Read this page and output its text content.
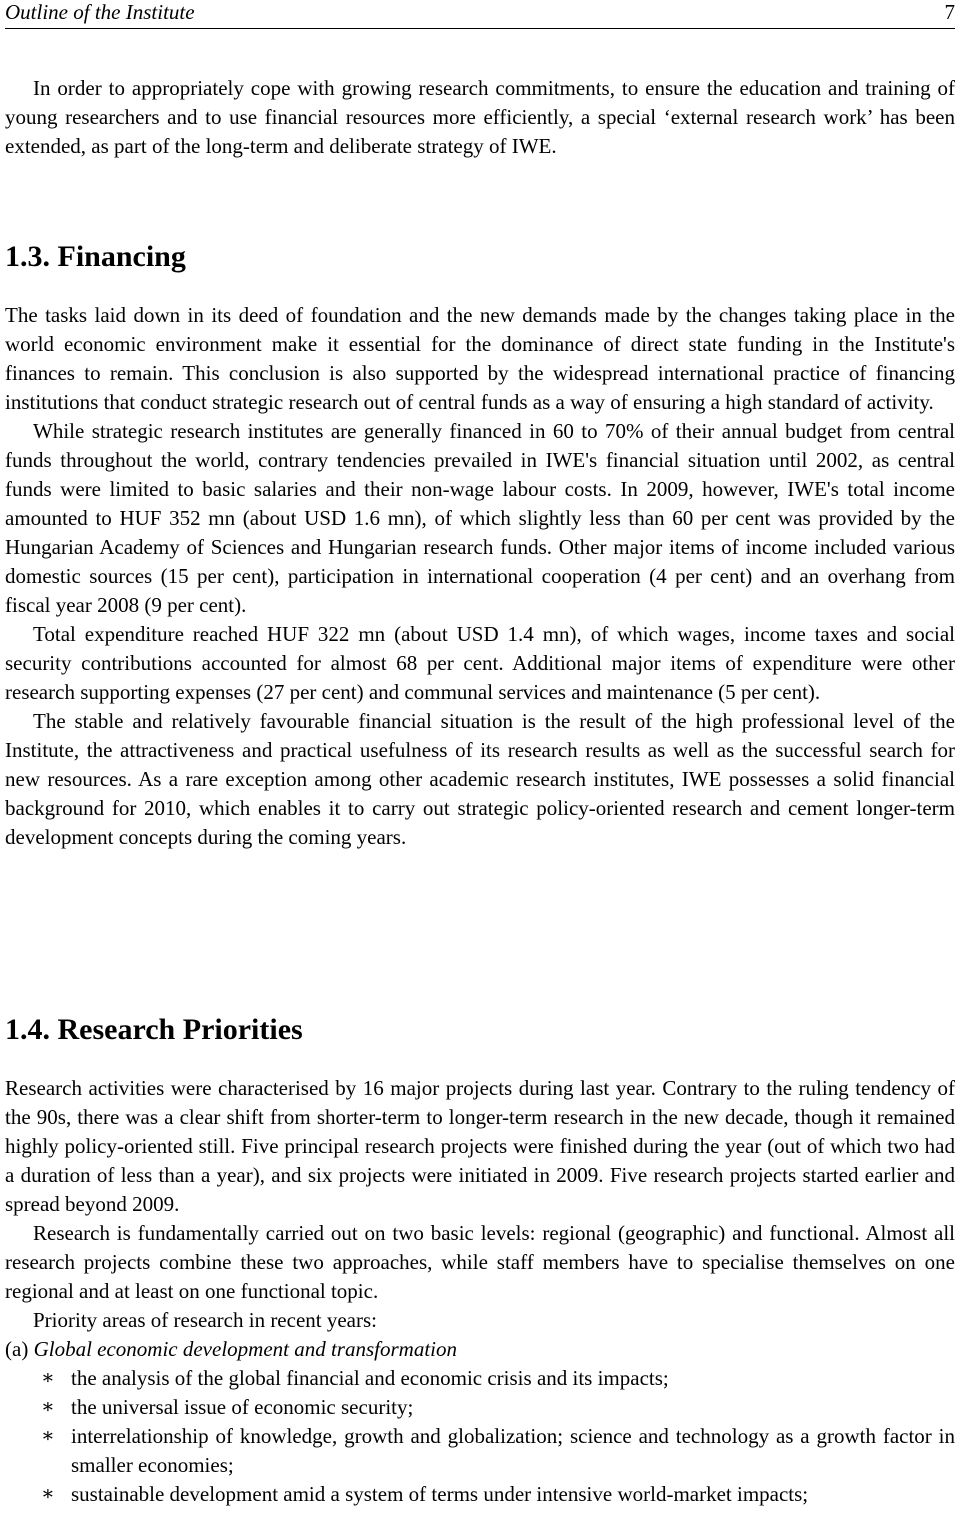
Outline of the Institute	7

In order to appropriately cope with growing research commitments, to ensure the education and training of young researchers and to use financial resources more efficiently, a special ‘external research work’ has been extended, as part of the long-term and deliberate strategy of IWE.

1.3. Financing

The tasks laid down in its deed of foundation and the new demands made by the changes taking place in the world economic environment make it essential for the dominance of direct state funding in the Institute's finances to remain. This conclusion is also supported by the widespread international practice of financing institutions that conduct strategic research out of central funds as a way of ensuring a high standard of activity.

While strategic research institutes are generally financed in 60 to 70% of their annual budget from central funds throughout the world, contrary tendencies prevailed in IWE's financial situation until 2002, as central funds were limited to basic salaries and their non-wage labour costs. In 2009, however, IWE's total income amounted to HUF 352 mn (about USD 1.6 mn), of which slightly less than 60 per cent was provided by the Hungarian Academy of Sciences and Hungarian research funds. Other major items of income included various domestic sources (15 per cent), participation in international cooperation (4 per cent) and an overhang from fiscal year 2008 (9 per cent).

Total expenditure reached HUF 322 mn (about USD 1.4 mn), of which wages, income taxes and social security contributions accounted for almost 68 per cent. Additional major items of expenditure were other research supporting expenses (27 per cent) and communal services and maintenance (5 per cent).

The stable and relatively favourable financial situation is the result of the high professional level of the Institute, the attractiveness and practical usefulness of its research results as well as the successful search for new resources. As a rare exception among other academic research institutes, IWE possesses a solid financial background for 2010, which enables it to carry out strategic policy-oriented research and cement longer-term development concepts during the coming years.

1.4. Research Priorities

Research activities were characterised by 16 major projects during last year. Contrary to the ruling tendency of the 90s, there was a clear shift from shorter-term to longer-term research in the new decade, though it remained highly policy-oriented still. Five principal research projects were finished during the year (out of which two had a duration of less than a year), and six projects were initiated in 2009. Five research projects started earlier and spread beyond 2009.

Research is fundamentally carried out on two basic levels: regional (geographic) and functional. Almost all research projects combine these two approaches, while staff members have to specialise themselves on one regional and at least on one functional topic.

Priority areas of research in recent years:

(a) Global economic development and transformation
∗ the analysis of the global financial and economic crisis and its impacts;
∗ the universal issue of economic security;
∗ interrelationship of knowledge, growth and globalization; science and technology as a growth factor in smaller economies;
∗ sustainable development amid a system of terms under intensive world-market impacts;
